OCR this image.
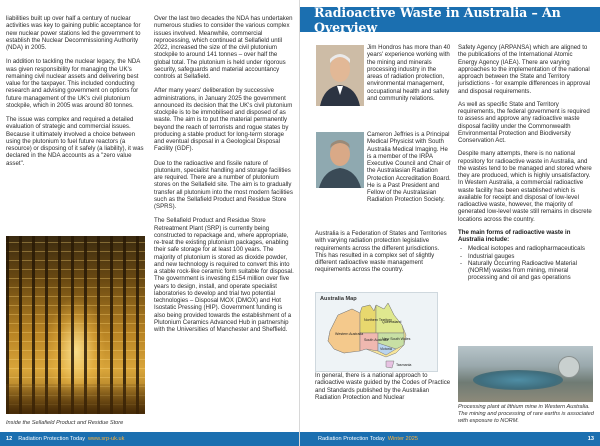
liabilities built up over half a century of nuclear activities was key to gaining public acceptance for new nuclear power stations led the government to establish the Nuclear Decommissioning Authority (NDA) in 2005.

In addition to tackling the nuclear legacy, the NDA was given responsibility for managing the UK's remaining civil nuclear assets and delivering best value for the taxpayer. This included conducting research and advising government on options for future management of the UK's civil plutonium stockpile, which in 2005 was around 80 tonnes.

The issue was complex and required a detailed evaluation of strategic and commercial issues. Because it ultimately involved a choice between using the plutonium to fuel future reactors (a resource) or disposing of it safely (a liability), it was declared in the NDA accounts as a "zero value asset".

Inside the Sellafield Product and Residue Store

Over the last two decades the NDA has undertaken numerous studies to consider the various complex issues involved. Meanwhile, commercial reprocessing, which continued at Sellafield until 2022, increased the size of the civil plutonium stockpile to around 141 tonnes – over half the global total. The plutonium is held under rigorous security, safeguards and material accountancy controls at Sellafield.

After many years' deliberation by successive administrations, in January 2025 the government announced its decision that the UK's civil plutonium stockpile is to be immobilised and disposed of as waste. The aim is to put the material permanently beyond the reach of terrorists and rogue states by producing a stable product for long-term storage and eventual disposal in a Geological Disposal Facility (GDF).

Due to the radioactive and fissile nature of plutonium, specialist handling and storage facilities are required. There are a number of plutonium stores on the Sellafield site. The aim is to gradually transfer all plutonium into the most modern facilities such as the Sellafield Product and Residue Store (SPRS).

The Sellafield Product and Residue Store Retreatment Plant (SRP) is currently being constructed to repackage and, where appropriate, re-treat the existing plutonium packages, enabling their safe storage for at least 100 years. The majority of plutonium is stored as dioxide powder, and new technology is required to convert this into a stable rock-like ceramic form suitable for disposal. The government is investing £154 million over five years to design, install, and operate specialist laboratories to develop and trial two potential technologies – Disposal MOX (DMOX) and Hot Isostatic Pressing (HIP). Government funding is also being provided towards the establishment of a Plutonium Ceramics Advanced Hub in partnership with the Universities of Manchester and Sheffield.

12 Radiation Protection Today www.srp-uk.uk
Radioactive Waste in Australia – An Overview
Jim Hondros has more than 40 years' experience working with the mining and minerals processing industry in the areas of radiation protection, environmental management, occupational health and safety and community relations.
Cameron Jeffries is a Principal Medical Physicist with South Australia Medical Imaging. He is a member of the IRPA Executive Council and Chair of the Australasian Radiation Protection Accreditation Board. He is a Past President and Fellow of the Australasian Radiation Protection Society.
Australia is a Federation of States and Territories with varying radiation protection legislative requirements across the different jurisdictions. This has resulted in a complex set of slightly different radioactive waste management requirements across the country.
Australia Map
Northern Territory
Queensland
Western Australia
South Australia
New South Wales
Victoria
Tasmania
In general, there is a national approach to radioactive waste guided by the Codes of Practice and Standards published by the Australian Radiation Protection and Nuclear

Safety Agency (ARPANSA) which are aligned to the publications of the International Atomic Energy Agency (IAEA). There are varying approaches to the implementation of the national approach between the State and Territory jurisdictions - for example differences in approval and disposal requirements.

As well as specific State and Territory requirements, the federal government is required to assess and approve any radioactive waste disposal facility under the Commonwealth Environmental Protection and Biodiversity Conservation Act.

Despite many attempts, there is no national repository for radioactive waste in Australia, and the wastes tend to be managed and stored where they are produced, which is highly unsatisfactory. In Western Australia, a commercial radioactive waste facility has been established which is available for receipt and disposal of low-level radioactive waste, however, the majority of generated low-level waste still remains in discrete locations across the country.

The main forms of radioactive waste in Australia include:
- Medical isotopes and radiopharmaceuticals
- Industrial gauges
- Naturally Occurring Radioactive Material (NORM) wastes from mining, mineral processing and oil and gas operations
Processing plant at lithium mine in Western Australia. The mining and processing of rare earths is associated with exposure to NORM.
Radiation Protection Today Winter 2025	13
